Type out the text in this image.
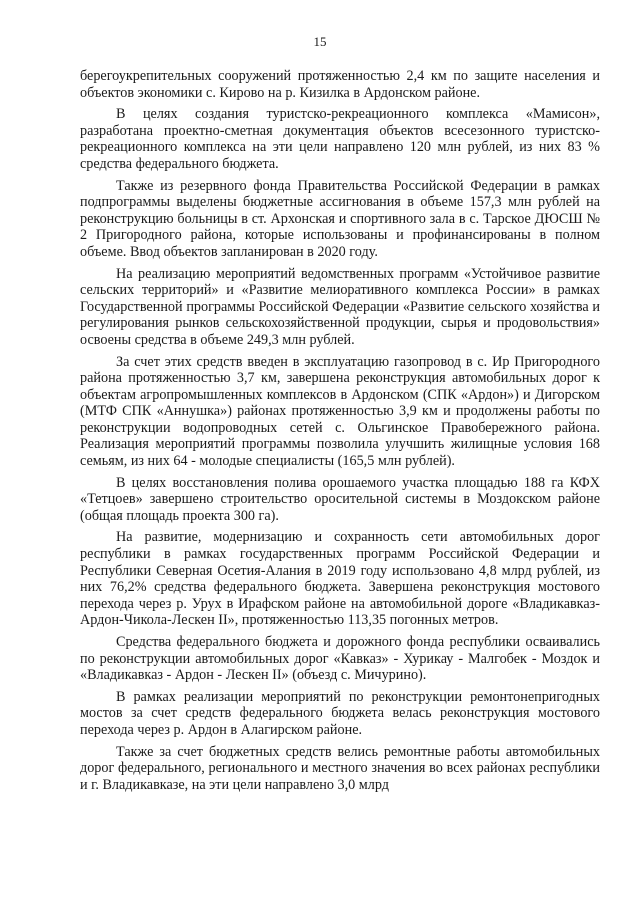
15

берегоукрепительных сооружений протяженностью 2,4 км по защите населения и объектов экономики с. Кирово на р. Кизилка в Ардонском районе.

В целях создания туристско-рекреационного комплекса «Мамисон», разработана проектно-сметная документация объектов всесезонного туристско-рекреационного комплекса на эти цели направлено 120 млн рублей, из них 83 % средства федерального бюджета.

Также из резервного фонда Правительства Российской Федерации в рамках подпрограммы выделены бюджетные ассигнования в объеме 157,3 млн рублей на реконструкцию больницы в ст. Архонская и спортивного зала в с. Тарское ДЮСШ № 2 Пригородного района, которые использованы и профинансированы в полном объеме. Ввод объектов запланирован в 2020 году.

На реализацию мероприятий ведомственных программ «Устойчивое развитие сельских территорий» и «Развитие мелиоративного комплекса России» в рамках Государственной программы Российской Федерации «Развитие сельского хозяйства и регулирования рынков сельскохозяйственной продукции, сырья и продовольствия» освоены средства в объеме 249,3 млн рублей.

За счет этих средств введен в эксплуатацию газопровод в с. Ир Пригородного района протяженностью 3,7 км, завершена реконструкция автомобильных дорог к объектам агропромышленных комплексов в Ардонском (СПК «Ардон») и Дигорском (МТФ СПК «Аннушка») районах протяженностью 3,9 км и продолжены работы по реконструкции водопроводных сетей с. Ольгинское Правобережного района. Реализация мероприятий программы позволила улучшить жилищные условия 168 семьям, из них 64 - молодые специалисты (165,5 млн рублей).

В целях восстановления полива орошаемого участка площадью 188 га КФХ «Тетцоев» завершено строительство оросительной системы в Моздокском районе (общая площадь проекта 300 га).

На развитие, модернизацию и сохранность сети автомобильных дорог республики в рамках государственных программ Российской Федерации и Республики Северная Осетия-Алания в 2019 году использовано 4,8 млрд рублей, из них 76,2% средства федерального бюджета. Завершена реконструкция мостового перехода через р. Урух в Ирафском районе на автомобильной дороге «Владикавказ-Ардон-Чикола-Лескен II», протяженностью 113,35 погонных метров.

Средства федерального бюджета и дорожного фонда республики осваивались по реконструкции автомобильных дорог «Кавказ» - Хурикау - Малгобек - Моздок и «Владикавказ - Ардон - Лескен II» (объезд с. Мичурино).

В рамках реализации мероприятий по реконструкции ремонтонепригодных мостов за счет средств федерального бюджета велась реконструкция мостового перехода через р. Ардон в Алагирском районе.

Также за счет бюджетных средств велись ремонтные работы автомобильных дорог федерального, регионального и местного значения во всех районах республики и г. Владикавказе, на эти цели направлено 3,0 млрд
